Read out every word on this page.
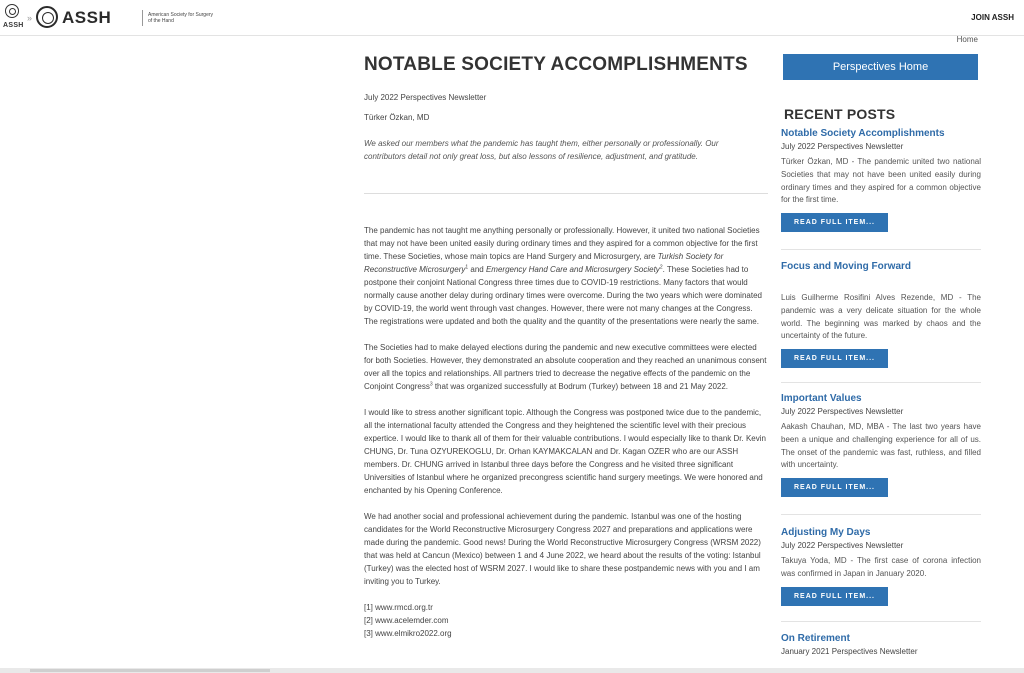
ASSH
» ASSH	American Society for Surgery of the Hand	JOIN ASSH
Home
NOTABLE SOCIETY ACCOMPLISHMENTS
July 2022 Perspectives Newsletter
Türker Özkan, MD
We asked our members what the pandemic has taught them, either personally or professionally. Our contributors detail not only great loss, but also lessons of resilience, adjustment, and gratitude.

The pandemic has not taught me anything personally or professionally. However, it united two national Societies that may not have been united easily during ordinary times and they aspired for a common objective for the first time. These Societies, whose main topics are Hand Surgery and Microsurgery, are Turkish Society for Reconstructive Microsurgery$^1$ and Emergency Hand Care and Microsurgery Society$^2$. These Societies had to postpone their conjoint National Congress three times due to COVID-19 restrictions. Many factors that would normally cause another delay during ordinary times were overcome. During the two years which were dominated by COVID-19, the world went through vast changes. However, there were not many changes at the Congress. The registrations were updated and both the quality and the quantity of the presentations were nearly the same.

The Societies had to make delayed elections during the pandemic and new executive committees were elected for both Societies. However, they demonstrated an absolute cooperation and they reached an unanimous consent over all the topics and relationships. All partners tried to decrease the negative effects of the pandemic on the Conjoint Congress$^3$ that was organized successfully at Bodrum (Turkey) between 18 and 21 May 2022.

I would like to stress another significant topic. Although the Congress was postponed twice due to the pandemic, all the international faculty attended the Congress and they heightened the scientific level with their precious expertice. I would like to thank all of them for their valuable contributions. I would especially like to thank Dr. Kevin CHUNG, Dr. Tuna OZYUREKOGLU, Dr. Orhan KAYMAKCALAN and Dr. Kagan OZER who are our ASSH members. Dr. CHUNG arrived in Istanbul three days before the Congress and he visited three significant Universities of Istanbul where he organized precongress scientific hand surgery meetings. We were honored and enchanted by his Opening Conference.

We had another social and professional achievement during the pandemic. Istanbul was one of the hosting candidates for the World Reconstructive Microsurgery Congress 2027 and preparations and applications were made during the pandemic. Good news! During the World Reconstructive Microsurgery Congress (WRSM 2022) that was held at Cancun (Mexico) between 1 and 4 June 2022, we heard about the results of the voting: Istanbul (Turkey) was the elected host of WSRM 2027. I would like to share these postpandemic news with you and I am inviting you to Turkey.

[1] www.rmcd.org.tr
[2] www.acelemder.com
[3] www.elmikro2022.org
Perspectives Home
RECENT POSTS
Notable Society Accomplishments
July 2022 Perspectives Newsletter
Türker Özkan, MD - The pandemic united two national Societies that may not have been united easily during ordinary times and they aspired for a common objective for the first time.
READ FULL ITEM...
Focus and Moving Forward
Luis Guilherme Rosifini Alves Rezende, MD - The pandemic was a very delicate situation for the whole world. The beginning was marked by chaos and the uncertainty of the future.
READ FULL ITEM...
Important Values
July 2022 Perspectives Newsletter
Aakash Chauhan, MD, MBA - The last two years have been a unique and challenging experience for all of us. The onset of the pandemic was fast, ruthless, and filled with uncertainty.
READ FULL ITEM...
Adjusting My Days
July 2022 Perspectives Newsletter
Takuya Yoda, MD - The first case of corona infection was confirmed in Japan in January 2020.
READ FULL ITEM...
On Retirement
January 2021 Perspectives Newsletter
